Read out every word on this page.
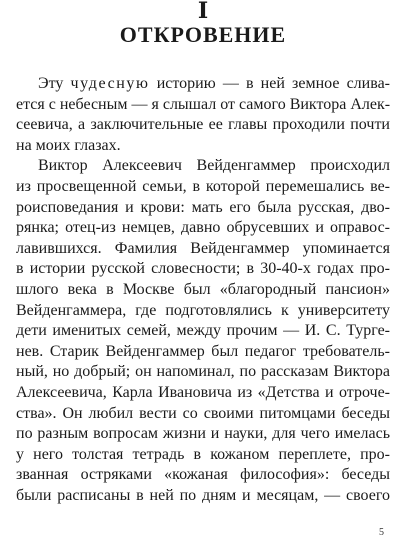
I
ОТКРОВЕНИЕ
Эту чудесную историю — в ней земное слива-
ется с небесным — я слышал от самого Виктора Алек-
сеевича, а заключительные ее главы проходили почти
на моих глазах.
Виктор Алексеевич Вейденгаммер происходил
из просвещенной семьи, в которой перемешались ве-
роисповедания и крови: мать его была русская, дво-
рянка; отец-из немцев, давно обрусевших и оправос-
лавившихся. Фамилия Вейденгаммер упоминается
в истории русской словесности; в 30-40-х годах про-
шлого века в Москве был «благородный пансион»
Вейденгаммера, где подготовлялись к университету
дети именитых семей, между прочим — И. С. Турге-
нев. Старик Вейденгаммер был педагог требователь-
ный, но добрый; он напоминал, по рассказам Виктора
Алексеевича, Карла Ивановича из «Детства и отроче-
ства». Он любил вести со своими питомцами беседы
по разным вопросам жизни и науки, для чего имелась
у него толстая тетрадь в кожаном переплете, про-
званная остряками «кожаная философия»: беседы
были расписаны в ней по дням и месяцам, — своего
5
